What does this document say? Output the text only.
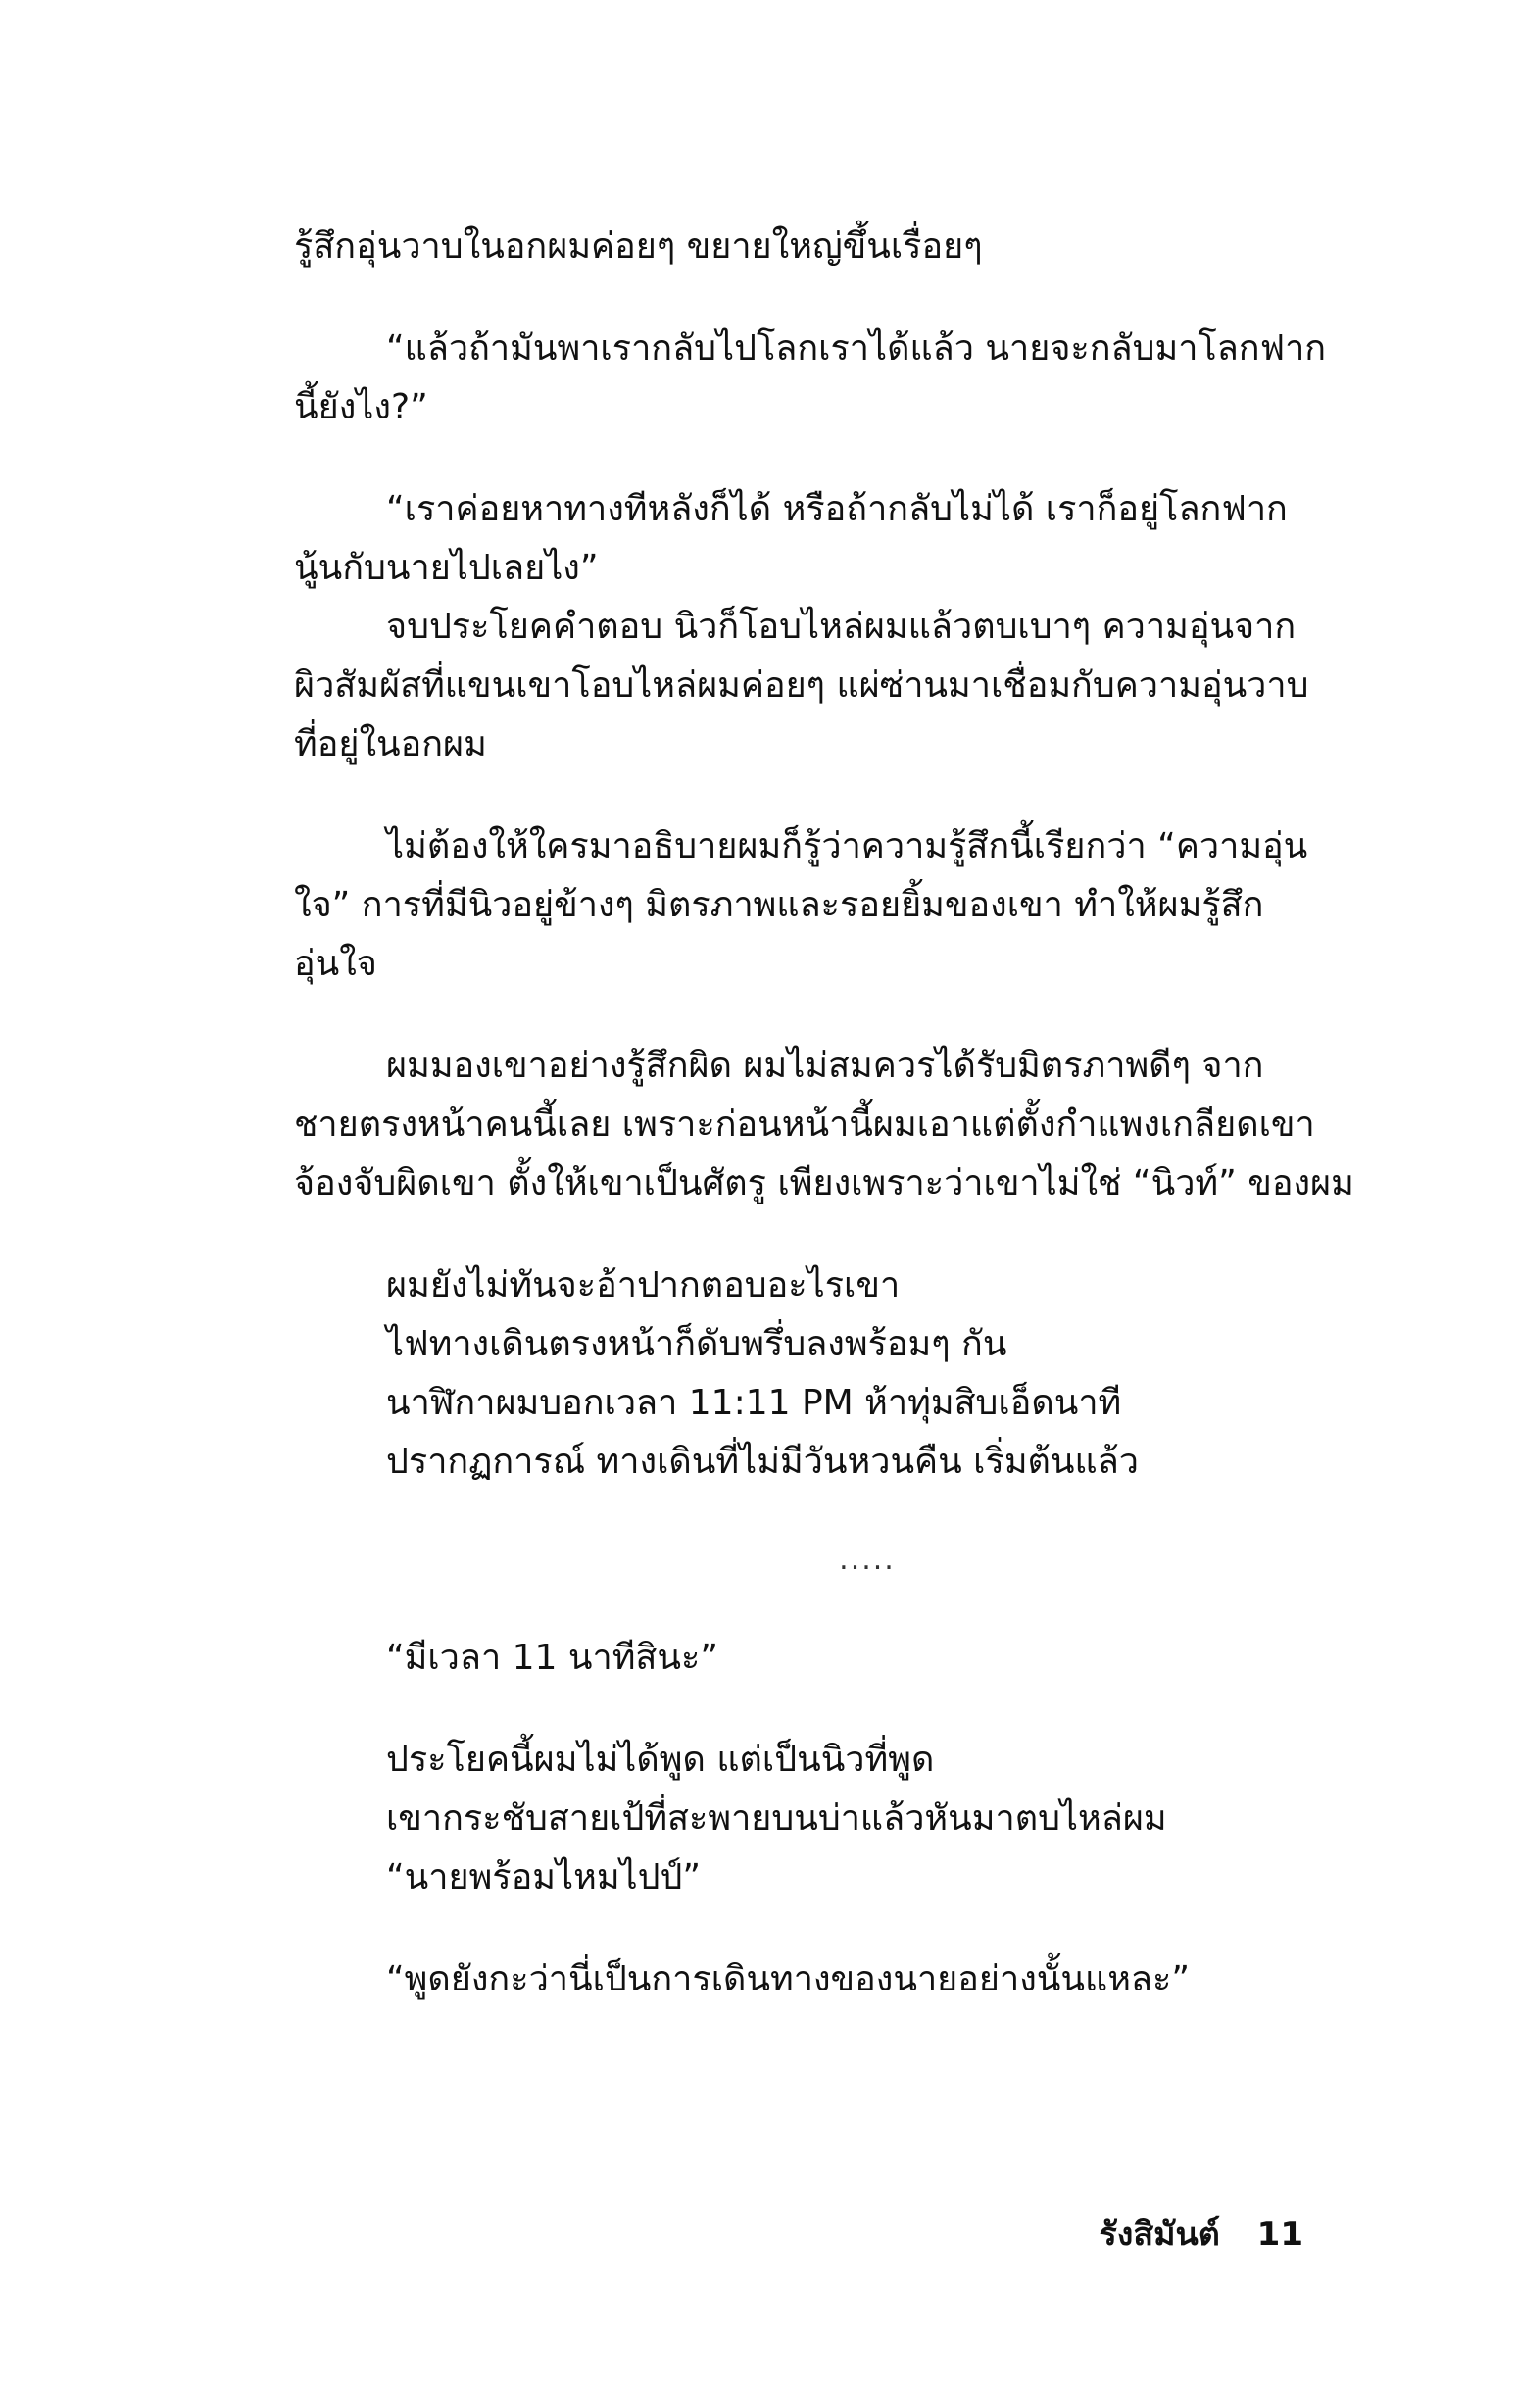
รู้สึกอุ่นวาบในอกผมค่อยๆ ขยายใหญ่ขึ้นเรื่อยๆ

“แล้วถ้ามันพาเรากลับไปโลกเราได้แล้ว นายจะกลับมาโลกฟาก

นี้ยังไง?”

“เราค่อยหาทางทีหลังก็ได้ หรือถ้ากลับไม่ได้ เราก็อยู่โลกฟาก

นู้นกับนายไปเลยไง”

จบประโยคคำตอบ นิวก็โอบไหล่ผมแล้วตบเบาๆ ความอุ่นจาก

ผิวสัมผัสที่แขนเขาโอบไหล่ผมค่อยๆ แผ่ซ่านมาเชื่อมกับความอุ่นวาบ

ที่อยู่ในอกผม

ไม่ต้องให้ใครมาอธิบายผมก็รู้ว่าความรู้สึกนี้เรียกว่า “ความอุ่น

ใจ” การที่มีนิวอยู่ข้างๆ มิตรภาพและรอยยิ้มของเขา ทำให้ผมรู้สึก

อุ่นใจ

ผมมองเขาอย่างรู้สึกผิด ผมไม่สมควรได้รับมิตรภาพดีๆ จาก

ชายตรงหน้าคนนี้เลย เพราะก่อนหน้านี้ผมเอาแต่ตั้งกำแพงเกลียดเขา

จ้องจับผิดเขา ตั้งให้เขาเป็นศัตรู เพียงเพราะว่าเขาไม่ใช่ “นิวท์” ของผม

ผมยังไม่ทันจะอ้าปากตอบอะไรเขา

ไฟทางเดินตรงหน้าก็ดับพรึ่บลงพร้อมๆ กัน

นาฬิกาผมบอกเวลา 11:11 PM ห้าทุ่มสิบเอ็ดนาที

ปรากฏการณ์ ทางเดินที่ไม่มีวันหวนคืน เริ่มต้นแล้ว

.....

“มีเวลา 11 นาทีสินะ”

ประโยคนี้ผมไม่ได้พูด แต่เป็นนิวที่พูด

เขากระชับสายเป้ที่สะพายบนบ่าแล้วหันมาตบไหล่ผม

“นายพร้อมไหมไปป์”

“พูดยังกะว่านี่เป็นการเดินทางของนายอย่างนั้นแหละ”

รังสิมันต์ 11
